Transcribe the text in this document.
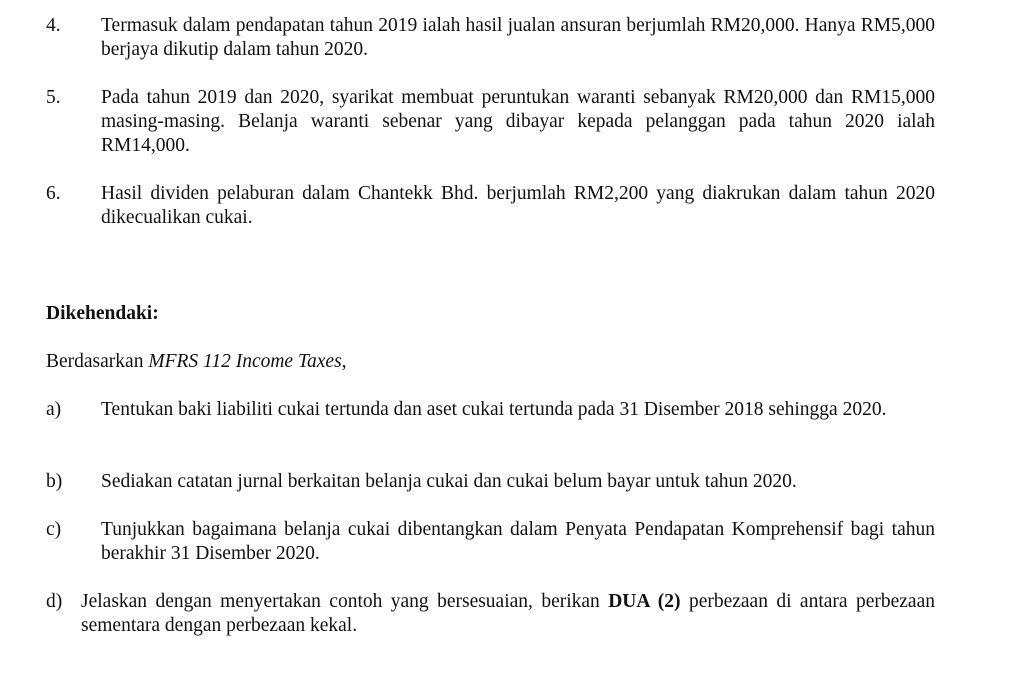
4. Termasuk dalam pendapatan tahun 2019 ialah hasil jualan ansuran berjumlah RM20,000. Hanya RM5,000 berjaya dikutip dalam tahun 2020.
5. Pada tahun 2019 dan 2020, syarikat membuat peruntukan waranti sebanyak RM20,000 dan RM15,000 masing-masing. Belanja waranti sebenar yang dibayar kepada pelanggan pada tahun 2020 ialah RM14,000.
6. Hasil dividen pelaburan dalam Chantekk Bhd. berjumlah RM2,200 yang diakrukan dalam tahun 2020 dikecualikan cukai.
Dikehendaki:
Berdasarkan MFRS 112 Income Taxes,
a) Tentukan baki liabiliti cukai tertunda dan aset cukai tertunda pada 31 Disember 2018 sehingga 2020.
b) Sediakan catatan jurnal berkaitan belanja cukai dan cukai belum bayar untuk tahun 2020.
c) Tunjukkan bagaimana belanja cukai dibentangkan dalam Penyata Pendapatan Komprehensif bagi tahun berakhir 31 Disember 2020.
d) Jelaskan dengan menyertakan contoh yang bersesuaian, berikan DUA (2) perbezaan di antara perbezaan sementara dengan perbezaan kekal.
